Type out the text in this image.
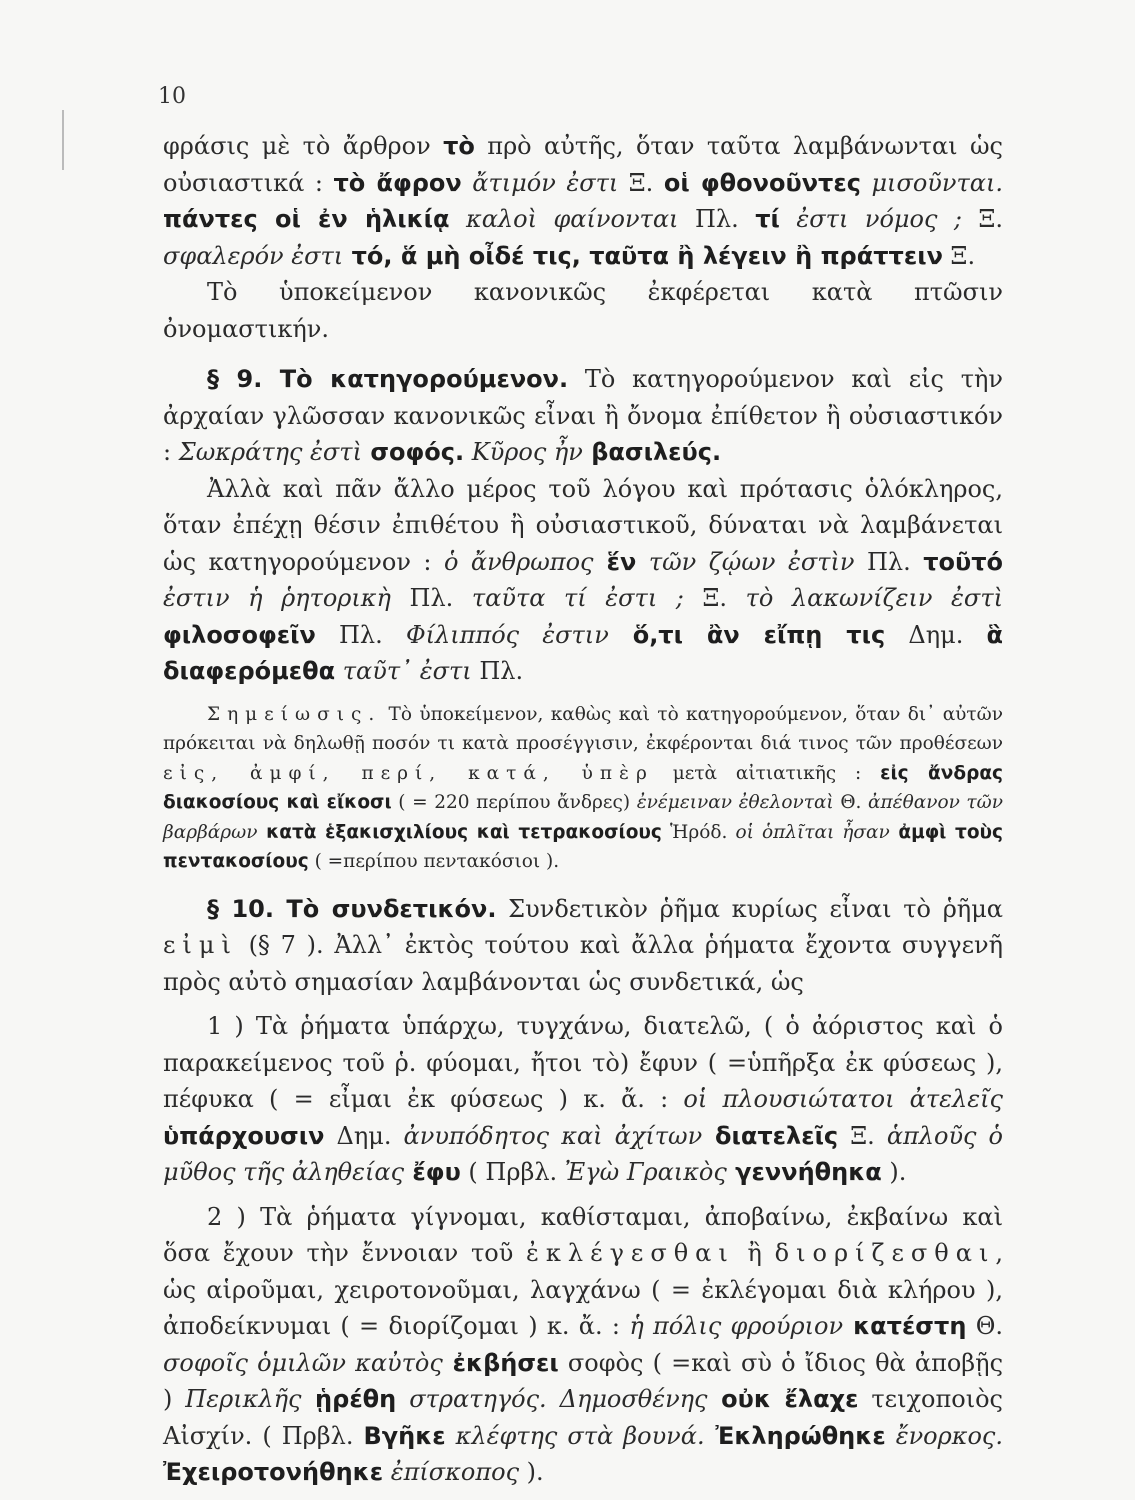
10

φράσις μὲ τὸ ἄρθρον τὸ πρὸ αὐτῆς, ὅταν ταῦτα λαμβάνωνται ὡς οὐσιαστικά : τὸ ἄφρον ἄτιμόν ἐστι Ξ. οἱ φθονοῦντες μισοῦνται. πάντες οἱ ἐν ἡλικίᾳ καλοὶ φαίνονται Πλ. τί ἐστι νόμος ; Ξ. σφαλερόν ἐστι τό, ἅ μὴ οἶδέ τις, ταῦτα ἢ λέγειν ἢ πράττειν Ξ.

Τὸ ὑποκείμενον κανονικῶς ἐκφέρεται κατὰ πτῶσιν ὀνομαστικήν.

§ 9. Τὸ κατηγορούμενον. Τὸ κατηγορούμενον καὶ εἰς τὴν ἀρχαίαν γλῶσσαν κανονικῶς εἶναι ἢ ὄνομα ἐπίθετον ἢ οὐσιαστικόν : Σωκράτης ἐστὶ σοφός. Κῦρος ἦν βασιλεύς.

Ἀλλὰ καὶ πᾶν ἄλλο μέρος τοῦ λόγου καὶ πρότασις ὁλόκληρος, ὅταν ἐπέχῃ θέσιν ἐπιθέτου ἢ οὐσιαστικοῦ, δύναται νὰ λαμβάνεται ὡς κατηγορούμενον : ὁ ἄνθρωπος ἕν τῶν ζῴων ἐστὶν Πλ. τοῦτό ἐστιν ἡ ῥητορικὴ Πλ. ταῦτα τί ἐστι ; Ξ. τὸ λακωνίζειν ἐστὶ φιλοσοφεῖν Πλ. Φίλιππός ἐστιν ὅ,τι ἂν εἴπῃ τις Δημ. ἃ διαφερόμεθα ταῦτ᾿ ἐστι Πλ.

Σημείωσις. Τὸ ὑποκείμενον, καθὼς καὶ τὸ κατηγορούμενον, ὅταν δι᾿ αὐτῶν πρόκειται νὰ δηλωθῇ ποσόν τι κατὰ προσέγγισιν, ἐκφέρονται διά τινος τῶν προθέσεων εἰς, ἀμφί, περί, κατά, ὑπὲρ μετὰ αἰτιατικῆς : εἰς ἄνδρας διακοσίους καὶ εἴκοσι ( = 220 περίπου ἄνδρες) ἐνέμειναν ἐθελονταὶ Θ. ἀπέθανον τῶν βαρβάρων κατὰ ἑξακισχιλίους καὶ τετρακοσίους Ἡρόδ. οἱ ὁπλῖται ἦσαν ἀμφὶ τοὺς πεντακοσίους ( =περίπου πεντακόσιοι ).

§ 10. Τὸ συνδετικόν. Συνδετικὸν ῥῆμα κυρίως εἶναι τὸ ῥῆμα εἰμὶ (§ 7 ). Ἀλλ᾿ ἐκτὸς τούτου καὶ ἄλλα ῥήματα ἔχοντα συγγενῆ πρὸς αὐτὸ σημασίαν λαμβάνονται ὡς συνδετικά, ὡς

1 ) Τὰ ῥήματα ὑπάρχω, τυγχάνω, διατελῶ, ( ὁ ἀόριστος καὶ ὁ παρακείμενος τοῦ ῥ. φύομαι, ἤτοι τὸ) ἔφυν ( =ὑπῆρξα ἐκ φύσεως ), πέφυκα ( = εἶμαι ἐκ φύσεως ) κ. ἄ. : οἱ πλουσιώτατοι ἀτελεῖς ὑπάρχουσιν Δημ. ἀνυπόδητος καὶ ἀχίτων διατελεῖς Ξ. ἁπλοῦς ὁ μῦθος τῆς ἀληθείας ἔφυ ( Πρβλ. Ἐγὼ Γραικὸς γεννήθηκα ).

2 ) Τὰ ῥήματα γίγνομαι, καθίσταμαι, ἀποβαίνω, ἐκβαίνω καὶ ὅσα ἔχουν τὴν ἔννοιαν τοῦ ἐκλέγεσθαι ἢ διορίζεσθαι, ὡς αἱροῦμαι, χειροτονοῦμαι, λαγχάνω ( = ἐκλέγομαι διὰ κλήρου ), ἀποδείκνυμαι ( = διορίζομαι ) κ. ἄ. : ἡ πόλις φρούριον κατέστη Θ. σοφοῖς ὁμιλῶν καὐτὸς ἐκβήσει σοφὸς ( =καὶ σὺ ὁ ἴδιος θὰ ἀποβῇς ) Περικλῆς ᾑρέθη στρατηγός. Δημοσθένης οὐκ ἔλαχε τειχοποιὸς Αἰσχίν. ( Πρβλ. Βγῆκε κλέφτης στὰ βουνά. Ἐκληρώθηκε ἔνορκος. Ἐχειροτονήθηκε ἐπίσκοπος ).
